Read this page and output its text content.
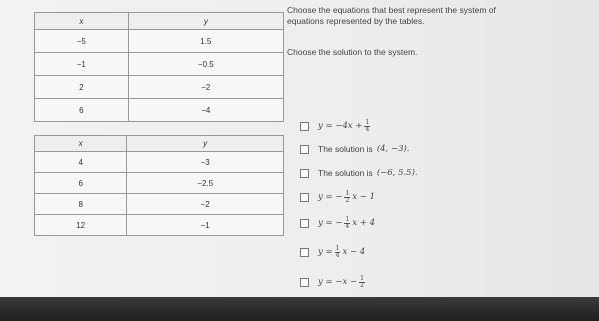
x	y
−5	1.5
−1	−0.5
2	−2
6	−4
x	y
4	−3
6	−2.5
8	−2
12	−1
Choose the equations that best represent the system of
equations represented by the tables.
Choose the solution to the system.
$y = -4x + \frac{1}{4}$
The solution is (4, −3).
The solution is (−6, 5.5).
y = − $\frac{1}{2}$ x − 1
y = − $\frac{1}{4}$ x + 4
$y = \frac{1}{4}$ x − 4
$y = -x - \frac{1}{2}$
